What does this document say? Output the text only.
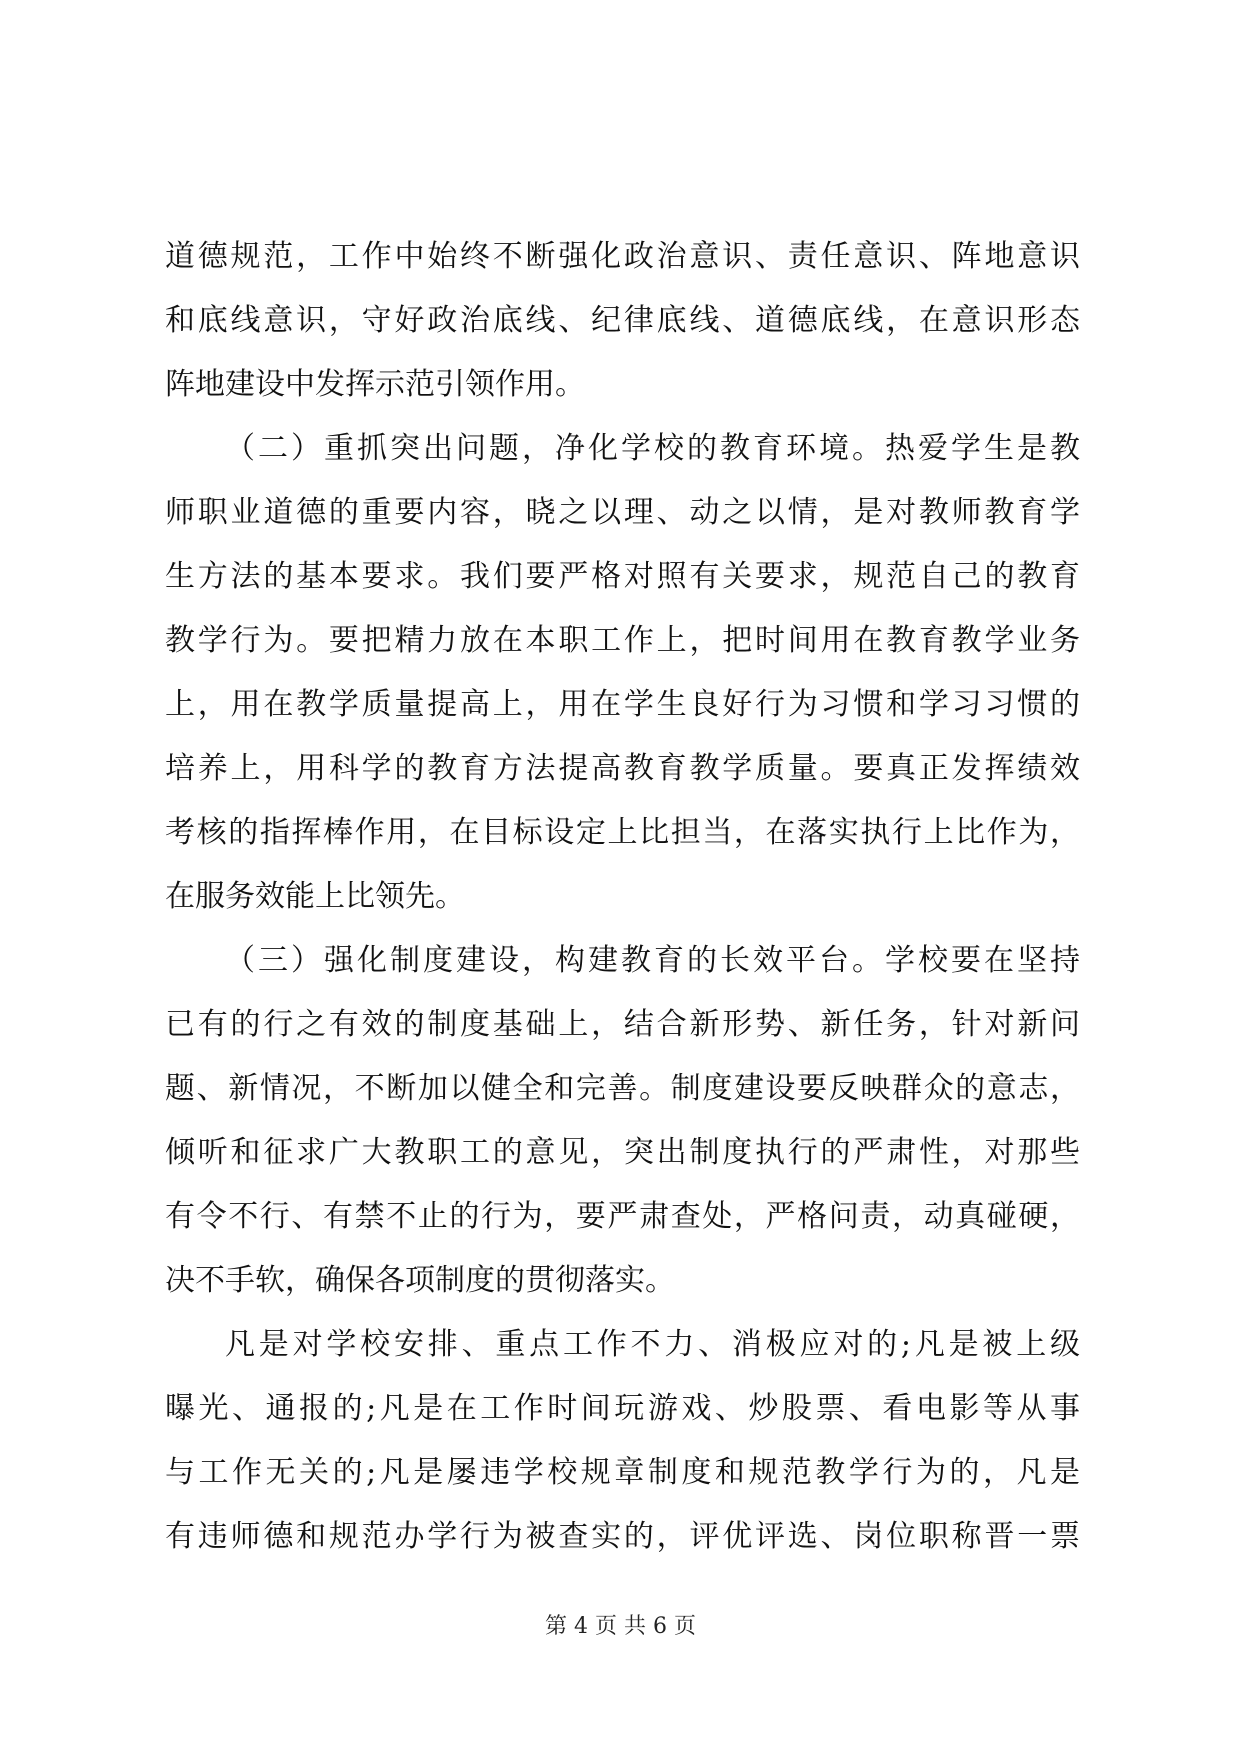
道德规范，工作中始终不断强化政治意识、责任意识、阵地意识
和底线意识，守好政治底线、纪律底线、道德底线，在意识形态
阵地建设中发挥示范引领作用。
（二）重抓突出问题，净化学校的教育环境。热爱学生是教
师职业道德的重要内容，晓之以理、动之以情，是对教师教育学
生方法的基本要求。我们要严格对照有关要求，规范自己的教育
教学行为。要把精力放在本职工作上，把时间用在教育教学业务
上，用在教学质量提高上，用在学生良好行为习惯和学习习惯的
培养上，用科学的教育方法提高教育教学质量。要真正发挥绩效
考核的指挥棒作用，在目标设定上比担当，在落实执行上比作为，
在服务效能上比领先。
（三）强化制度建设，构建教育的长效平台。学校要在坚持
已有的行之有效的制度基础上，结合新形势、新任务，针对新问
题、新情况，不断加以健全和完善。制度建设要反映群众的意志，
倾听和征求广大教职工的意见，突出制度执行的严肃性，对那些
有令不行、有禁不止的行为，要严肃查处，严格问责，动真碰硬，
决不手软，确保各项制度的贯彻落实。
凡是对学校安排、重点工作不力、消极应对的;凡是被上级
曝光、通报的;凡是在工作时间玩游戏、炒股票、看电影等从事
与工作无关的;凡是屡违学校规章制度和规范教学行为的，凡是
有违师德和规范办学行为被查实的，评优评选、岗位职称晋一票
第 4 页 共 6 页
